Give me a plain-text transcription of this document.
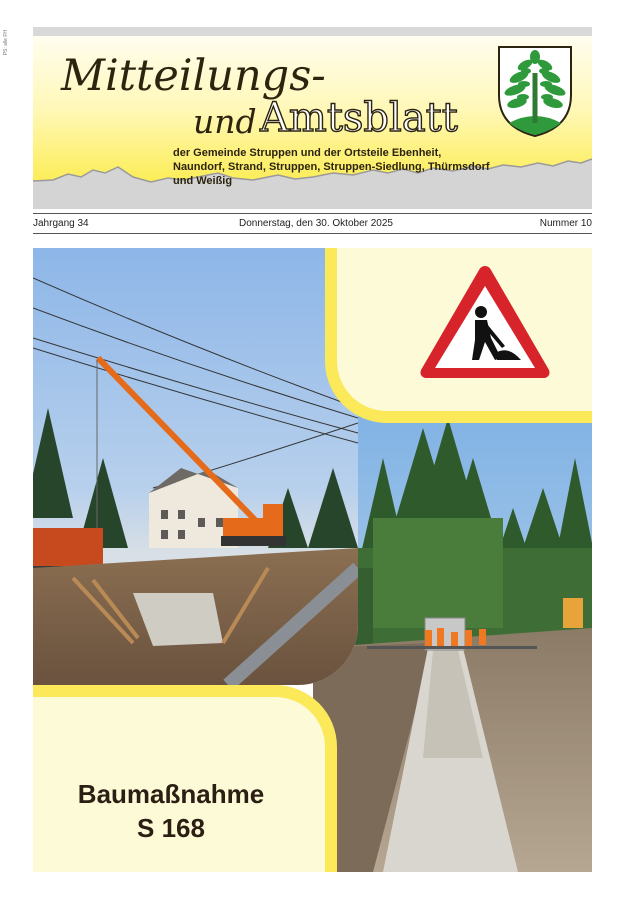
PS: alle FH
Mitteilungs-
und Amtsblatt
der Gemeinde Struppen und der Ortsteile Ebenheit,
Naundorf, Strand, Struppen, Struppen-Siedlung, Thürmsdorf
und Weißig
Jahrgang 34	Donnerstag, den 30. Oktober 2025	Nummer 10
Baumaßnahme
S 168
